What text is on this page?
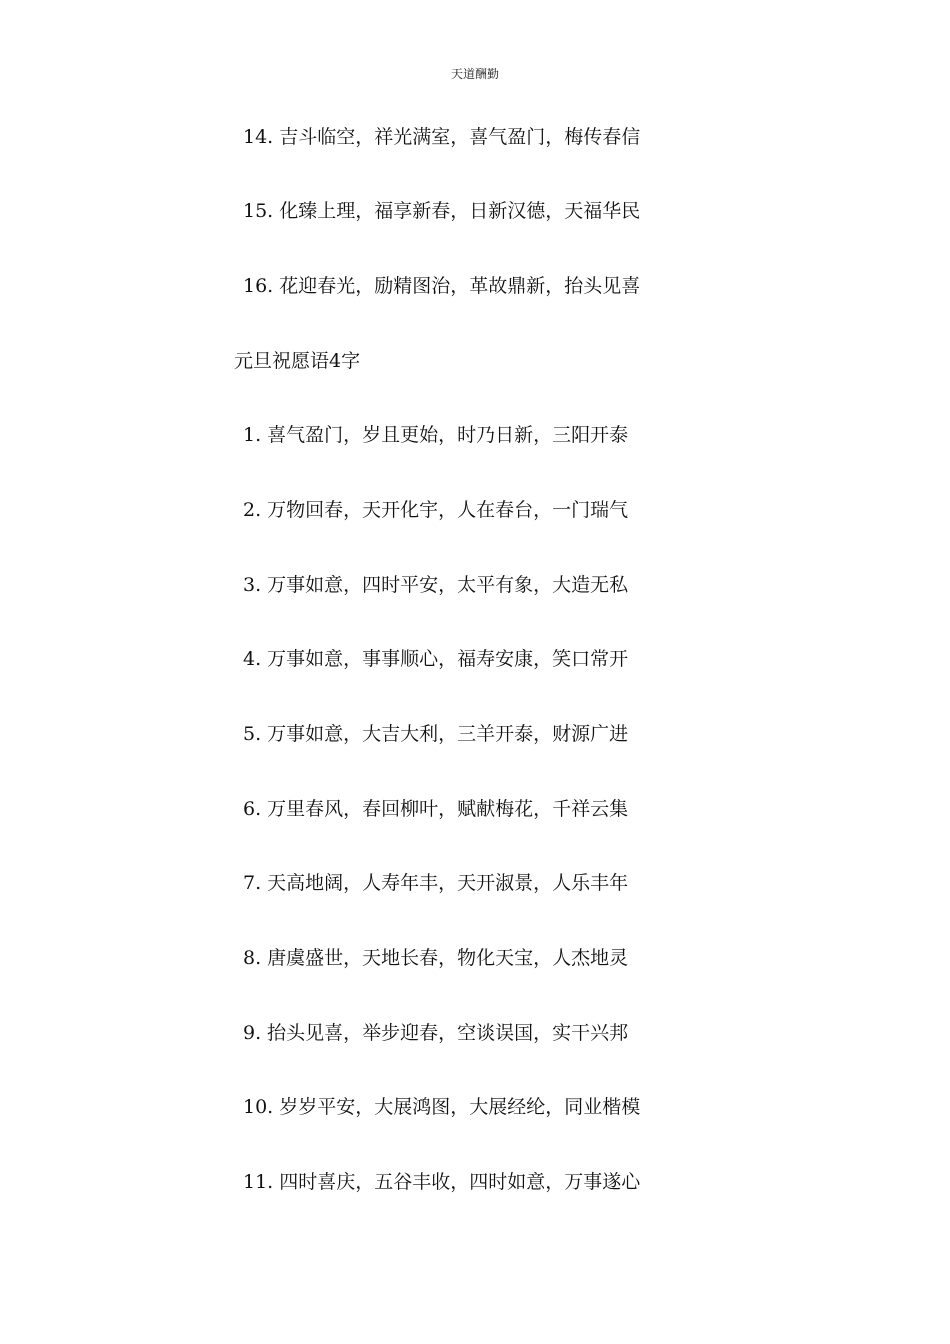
天道酬勤
14. 吉斗临空，祥光满室，喜气盈门，梅传春信
15. 化臻上理，福享新春，日新汉德，天福华民
16. 花迎春光，励精图治，革故鼎新，抬头见喜
元旦祝愿语4字
1. 喜气盈门，岁且更始，时乃日新，三阳开泰
2. 万物回春，天开化宇，人在春台，一门瑞气
3. 万事如意，四时平安，太平有象，大造无私
4. 万事如意，事事顺心，福寿安康，笑口常开
5. 万事如意，大吉大利，三羊开泰，财源广进
6. 万里春风，春回柳叶，赋献梅花，千祥云集
7. 天高地阔，人寿年丰，天开淑景，人乐丰年
8. 唐虞盛世，天地长春，物化天宝，人杰地灵
9. 抬头见喜，举步迎春，空谈误国，实干兴邦
10. 岁岁平安，大展鸿图，大展经纶，同业楷模
11. 四时喜庆，五谷丰收，四时如意，万事遂心
